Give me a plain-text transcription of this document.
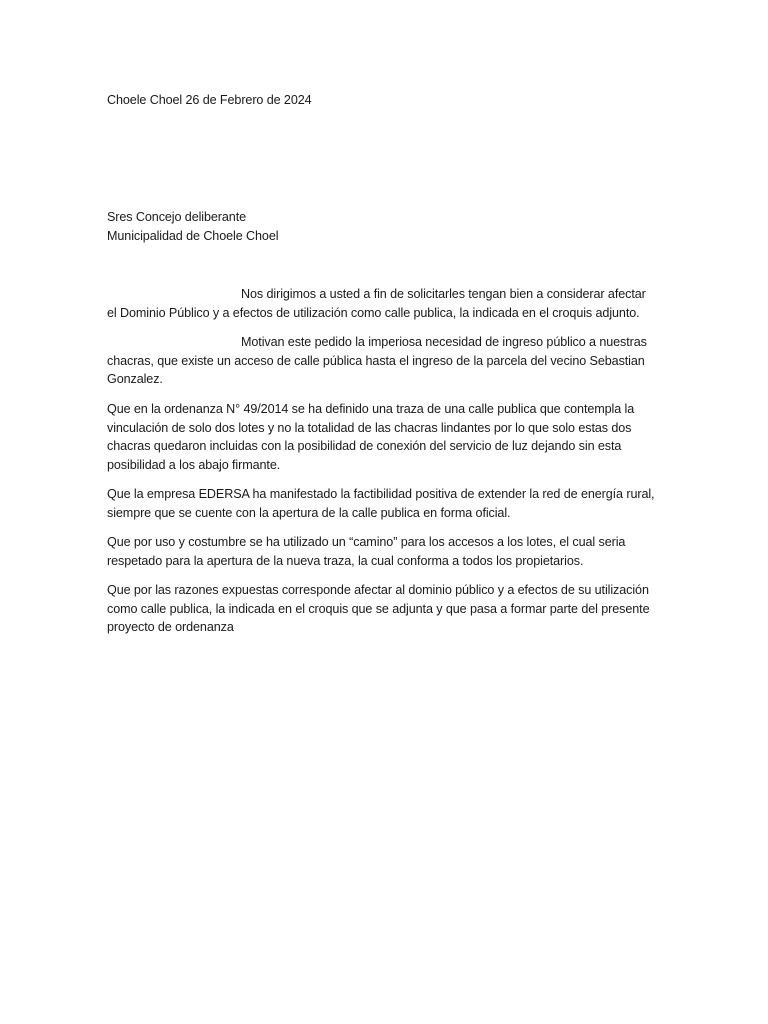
Choele Choel 26 de Febrero de 2024
Sres Concejo deliberante
Municipalidad de Choele Choel
Nos dirigimos a usted a fin de solicitarles tengan bien a considerar afectar
el Dominio Público y a efectos de utilización como calle publica, la indicada en el croquis adjunto.
Motivan este pedido la imperiosa necesidad de ingreso público a nuestras
chacras, que existe un acceso de calle pública hasta el ingreso de la parcela del vecino Sebastian
Gonzalez.
Que en la ordenanza N° 49/2014 se ha definido una traza de una calle publica que contempla la
vinculación de solo dos lotes y no la totalidad de las chacras lindantes por lo que solo estas dos
chacras quedaron incluidas con la posibilidad de conexión del servicio de luz dejando sin esta
posibilidad a los abajo firmante.
Que la empresa EDERSA ha manifestado la factibilidad positiva de extender la red de energía rural,
siempre que se cuente con la apertura de la calle publica en forma oficial.
Que por uso y costumbre se ha utilizado un “camino” para los accesos a los lotes, el cual seria
respetado para la apertura de la nueva traza, la cual conforma a todos los propietarios.
Que por las razones expuestas corresponde afectar al dominio público y a efectos de su utilización
como calle publica, la indicada en el croquis que se adjunta y que pasa a formar parte del presente
proyecto de ordenanza
